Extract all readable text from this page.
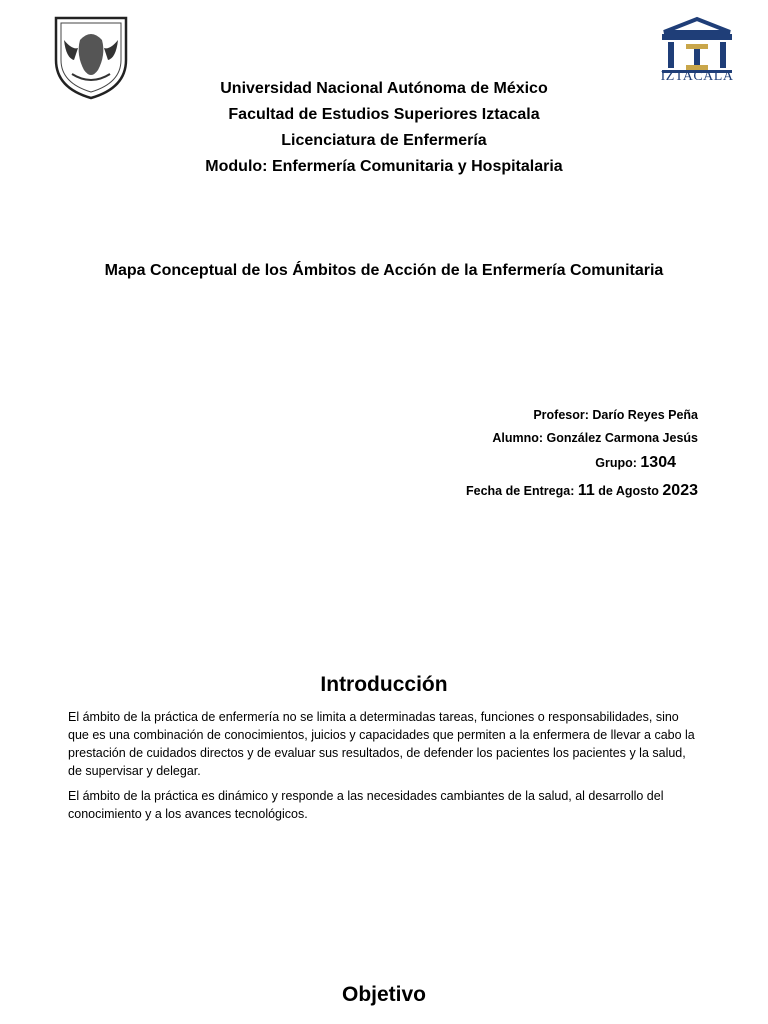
IZTACALA
Universidad Nacional Autónoma de México
Facultad de Estudios Superiores Iztacala
Licenciatura de Enfermería
Modulo: Enfermería Comunitaria y Hospitalaria
Mapa Conceptual de los Ámbitos de Acción de la Enfermería Comunitaria
Profesor: Darío Reyes Peña
Alumno: González Carmona Jesús
Grupo: 1304
Fecha de Entrega: 11 de Agosto 2023
Introducción
El ámbito de la práctica de enfermería no se limita a determinadas tareas, funciones o responsabilidades, sino que es una combinación de conocimientos, juicios y capacidades que permiten a la enfermera de llevar a cabo la prestación de cuidados directos y de evaluar sus resultados, de defender los pacientes los pacientes y la salud, de supervisar y delegar.
El ámbito de la práctica es dinámico y responde a las necesidades cambiantes de la salud, al desarrollo del conocimiento y a los avances tecnológicos.
Objetivo
